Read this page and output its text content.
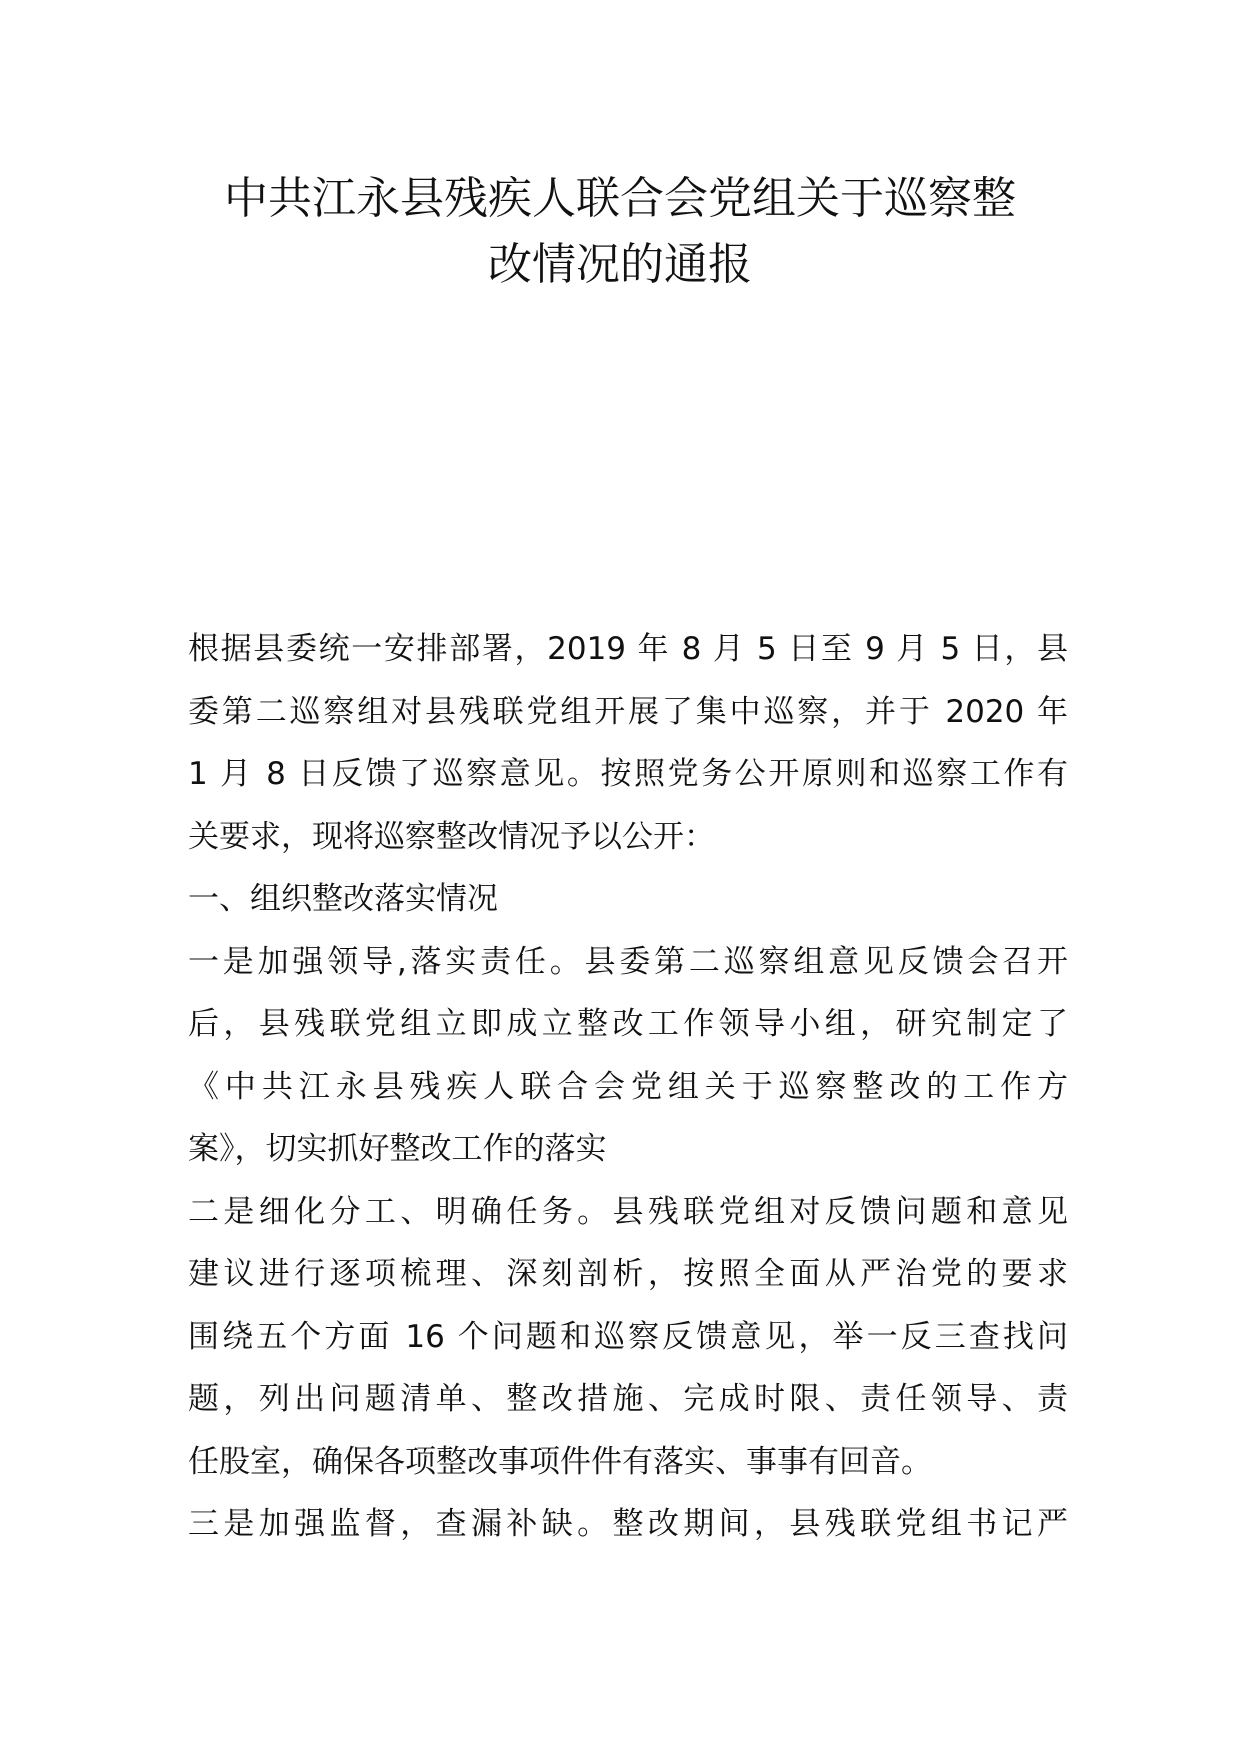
中共江永县残疾人联合会党组关于巡察整
改情况的通报
根据县委统一安排部署，2019 年 8 月 5 日至 9 月 5 日，县
委第二巡察组对县残联党组开展了集中巡察，并于 2020 年
1 月 8 日反馈了巡察意见。按照党务公开原则和巡察工作有
关要求，现将巡察整改情况予以公开：
一、组织整改落实情况
一是加强领导,落实责任。县委第二巡察组意见反馈会召开
后，县残联党组立即成立整改工作领导小组，研究制定了
《中共江永县残疾人联合会党组关于巡察整改的工作方
案》，切实抓好整改工作的落实
二是细化分工、明确任务。县残联党组对反馈问题和意见
建议进行逐项梳理、深刻剖析，按照全面从严治党的要求
围绕五个方面 16 个问题和巡察反馈意见，举一反三查找问
题，列出问题清单、整改措施、完成时限、责任领导、责
任股室，确保各项整改事项件件有落实、事事有回音。
三是加强监督，查漏补缺。整改期间，县残联党组书记严
